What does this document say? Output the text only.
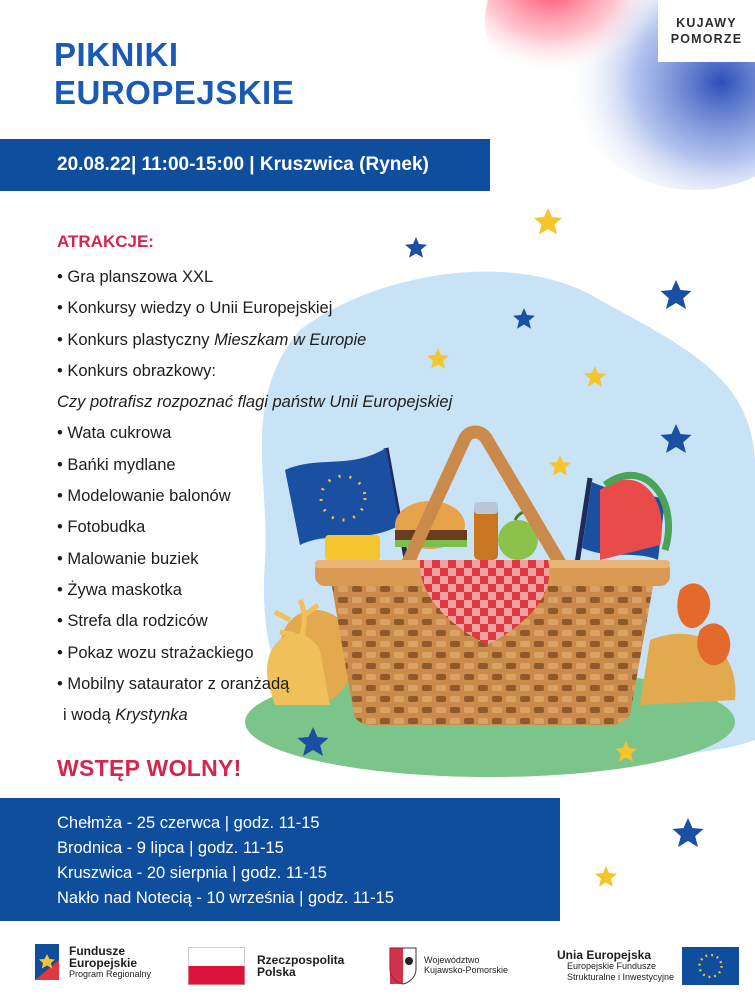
KUJAWY
POMORZE
PIKNIKI
EUROPEJSKIE
20.08.22| 11:00-15:00 | Kruszwica (Rynek)
ATRAKCJE:
• Gra planszowa XXL
• Konkursy wiedzy o Unii Europejskiej
• Konkurs plastyczny Mieszkam w Europie
• Konkurs obrazkowy:
Czy potrafisz rozpoznać flagi państw Unii Europejskiej
• Wata cukrowa
• Bańki mydlane
• Modelowanie balonów
• Fotobudka
• Malowanie buziek
• Żywa maskotka
• Strefa dla rodziców
• Pokaz wozu strażackiego
• Mobilny sataurator z oranżadą
i wodą Krystynka
WSTĘP WOLNY!
Chełmża - 25 czerwca | godz. 11-15
Brodnica - 9 lipca | godz. 11-15
Kruszwica - 20 sierpnia | godz. 11-15
Nakło nad Notecią - 10 września | godz. 11-15
Fundusze
Europejskie
Program Regionalny
Rzeczpospolita
Polska
Województwo
Kujawsko-Pomorskie
Unia Europejska
Europejskie Fundusze
Strukturalne i Inwestycyjne
